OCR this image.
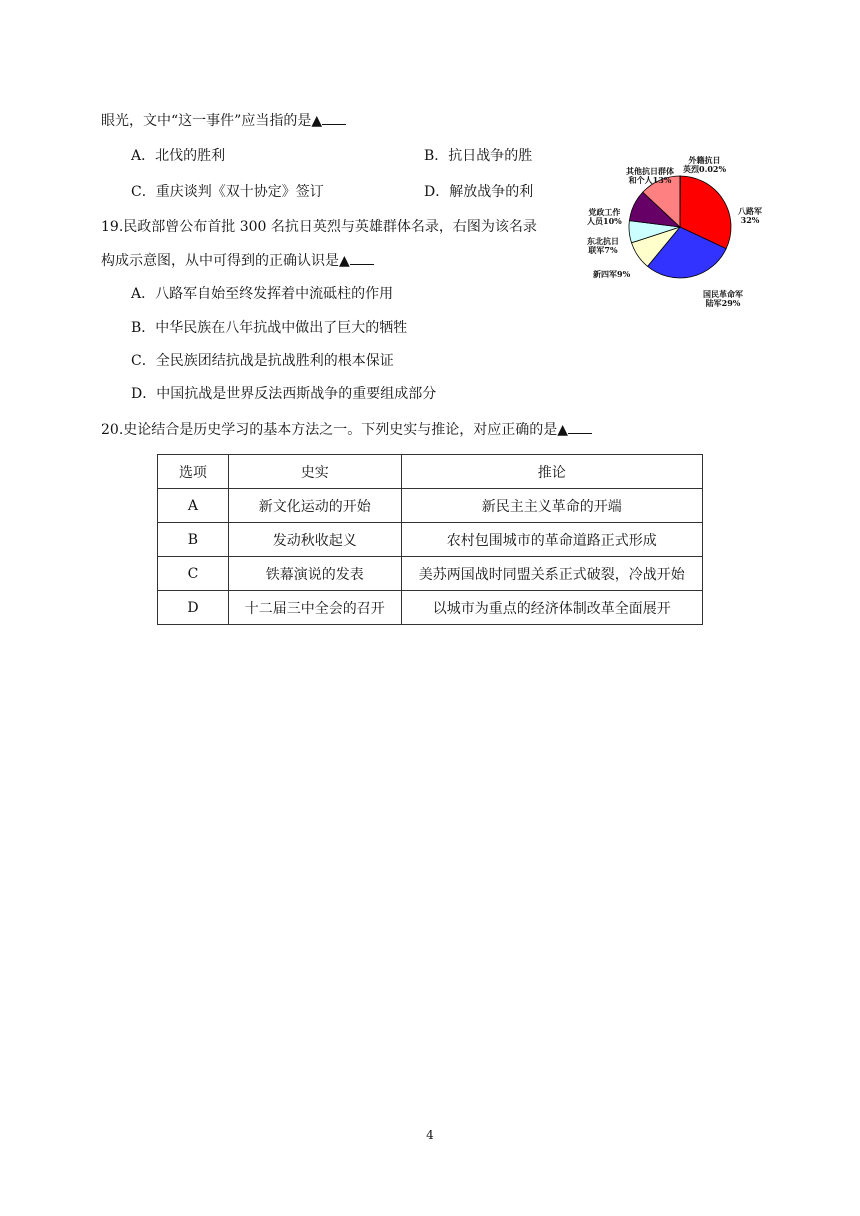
眼光，文中“这一事件”应当指的是▲
A．北伐的胜利	B．抗日战争的胜
C．重庆谈判《双十协定》签订	D．解放战争的利
19.民政部曾公布首批 300 名抗日英烈与英雄群体名录，右图为该名录
构成示意图，从中可得到的正确认识是▲
A．八路军自始至终发挥着中流砥柱的作用
B．中华民族在八年抗战中做出了巨大的牺牲
C．全民族团结抗战是抗战胜利的根本保证
D．中国抗战是世界反法西斯战争的重要组成部分
外籍抗日
英烈0.02%
其他抗日群体
和个人13%
八路军
32%
党政工作
人员10%
东北抗日
联军7%
新四军9%
国民革命军
陆军29%
20.史论结合是历史学习的基本方法之一。下列史实与推论，对应正确的是▲
选项	史实	推论
A	新文化运动的开始	新民主主义革命的开端
B	发动秋收起义	农村包围城市的革命道路正式形成
C	铁幕演说的发表	美苏两国战时同盟关系正式破裂，冷战开始
D	十二届三中全会的召开	以城市为重点的经济体制改革全面展开
4
